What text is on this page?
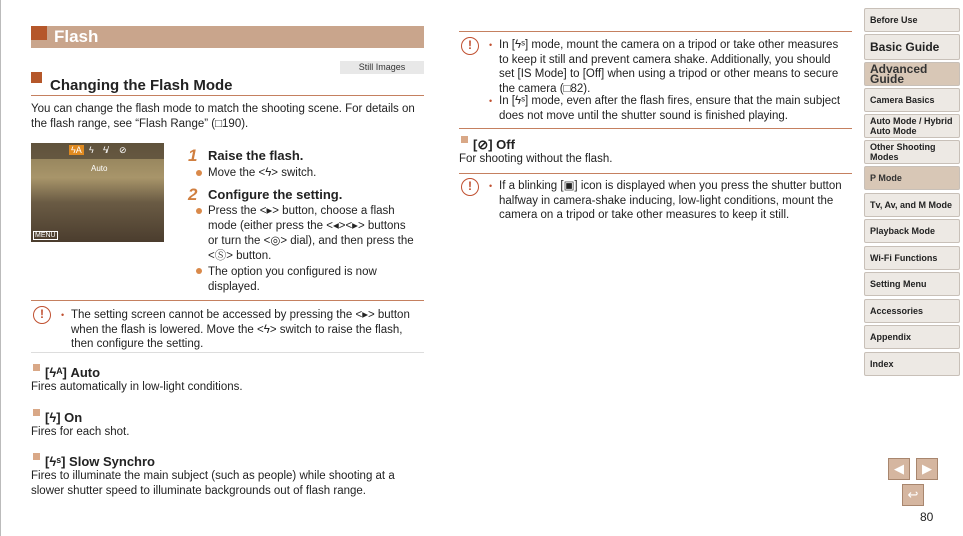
Flash
Still Images
Changing the Flash Mode
You can change the flash mode to match the shooting scene. For details on
the flash range, see “Flash Range” (□190).
ϟA ϟ ϟ̸ ⊘
Auto
MENU
1 Raise the flash.
Move the <ϟ> switch.
2 Configure the setting.
Press the <▸> button, choose a flash
mode (either press the <◂><▸> buttons
or turn the <◎> dial), and then press the
<Ⓢ> button.
The option you configured is now
displayed.
!	• The setting screen cannot be accessed by pressing the <▸> button
when the flash is lowered. Move the <ϟ> switch to raise the flash,
then configure the setting.
[ϟᴬ] Auto
Fires automatically in low-light conditions.
[ϟ] On
Fires for each shot.
[ϟˢ] Slow Synchro
Fires to illuminate the main subject (such as people) while shooting at a
slower shutter speed to illuminate backgrounds out of flash range.
!	• In [ϟˢ] mode, mount the camera on a tripod or take other measures
to keep it still and prevent camera shake. Additionally, you should
set [IS Mode] to [Off] when using a tripod or other means to secure
the camera (□82).
• In [ϟˢ] mode, even after the flash fires, ensure that the main subject
does not move until the shutter sound is finished playing.
[⊘] Off
For shooting without the flash.
!	• If a blinking [▣] icon is displayed when you press the shutter button
halfway in camera-shake inducing, low-light conditions, mount the
camera on a tripod or take other measures to keep it still.
Before Use
Basic Guide
Advanced Guide
Camera Basics
Auto Mode / Hybrid Auto Mode
Other Shooting Modes
P Mode
Tv, Av, and M Mode
Playback Mode
Wi-Fi Functions
Setting Menu
Accessories
Appendix
Index
◀	▶
↩
80
